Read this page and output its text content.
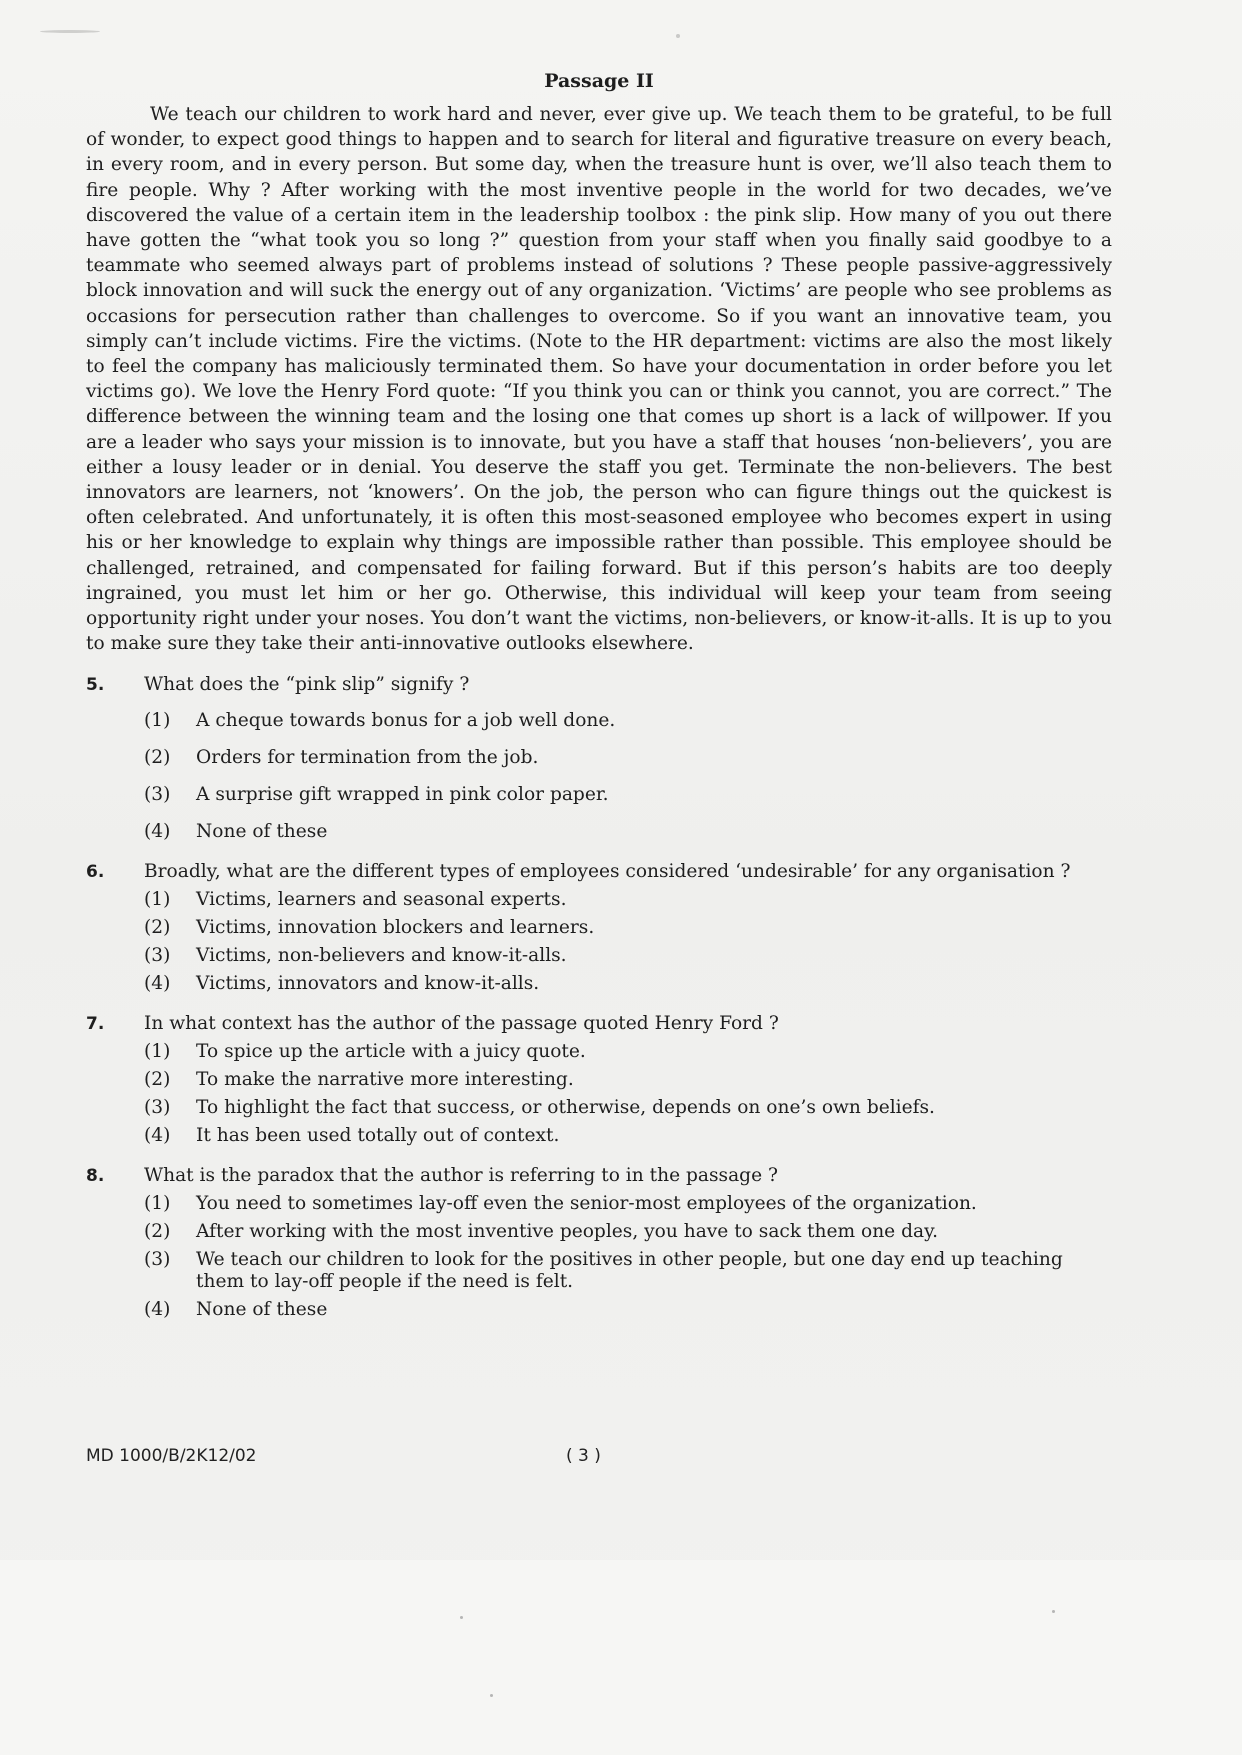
Passage II

We teach our children to work hard and never, ever give up. We teach them to be grateful, to be full of wonder, to expect good things to happen and to search for literal and figurative treasure on every beach, in every room, and in every person. But some day, when the treasure hunt is over, we’ll also teach them to fire people. Why ? After working with the most inventive people in the world for two decades, we’ve discovered the value of a certain item in the leadership toolbox : the pink slip. How many of you out there have gotten the “what took you so long ?” question from your staff when you finally said goodbye to a teammate who seemed always part of problems instead of solutions ? These people passive-aggressively block innovation and will suck the energy out of any organization. ‘Victims’ are people who see problems as occasions for persecution rather than challenges to overcome. So if you want an innovative team, you simply can’t include victims. Fire the victims. (Note to the HR department: victims are also the most likely to feel the company has maliciously terminated them. So have your documentation in order before you let victims go). We love the Henry Ford quote: “If you think you can or think you cannot, you are correct.” The difference between the winning team and the losing one that comes up short is a lack of willpower. If you are a leader who says your mission is to innovate, but you have a staff that houses ‘non-believers’, you are either a lousy leader or in denial. You deserve the staff you get. Terminate the non-believers. The best innovators are learners, not ‘knowers’. On the job, the person who can figure things out the quickest is often celebrated. And unfortunately, it is often this most-seasoned employee who becomes expert in using his or her knowledge to explain why things are impossible rather than possible. This employee should be challenged, retrained, and compensated for failing forward. But if this person’s habits are too deeply ingrained, you must let him or her go. Otherwise, this individual will keep your team from seeing opportunity right under your noses. You don’t want the victims, non-believers, or know-it-alls. It is up to you to make sure they take their anti-innovative outlooks elsewhere.

5.	What does the “pink slip” signify ?
(1)	A cheque towards bonus for a job well done.
(2)	Orders for termination from the job.
(3)	A surprise gift wrapped in pink color paper.
(4)	None of these
6.	Broadly, what are the different types of employees considered ‘undesirable’ for any organisation ?
(1)	Victims, learners and seasonal experts.
(2)	Victims, innovation blockers and learners.
(3)	Victims, non-believers and know-it-alls.
(4)	Victims, innovators and know-it-alls.
7.	In what context has the author of the passage quoted Henry Ford ?
(1)	To spice up the article with a juicy quote.
(2)	To make the narrative more interesting.
(3)	To highlight the fact that success, or otherwise, depends on one’s own beliefs.
(4)	It has been used totally out of context.
8.	What is the paradox that the author is referring to in the passage ?
(1)	You need to sometimes lay-off even the senior-most employees of the organization.
(2)	After working with the most inventive peoples, you have to sack them one day.
(3)	We teach our children to look for the positives in other people, but one day end up teaching them to lay-off people if the need is felt.
(4)	None of these
MD 1000/B/2K12/02	( 3 )
